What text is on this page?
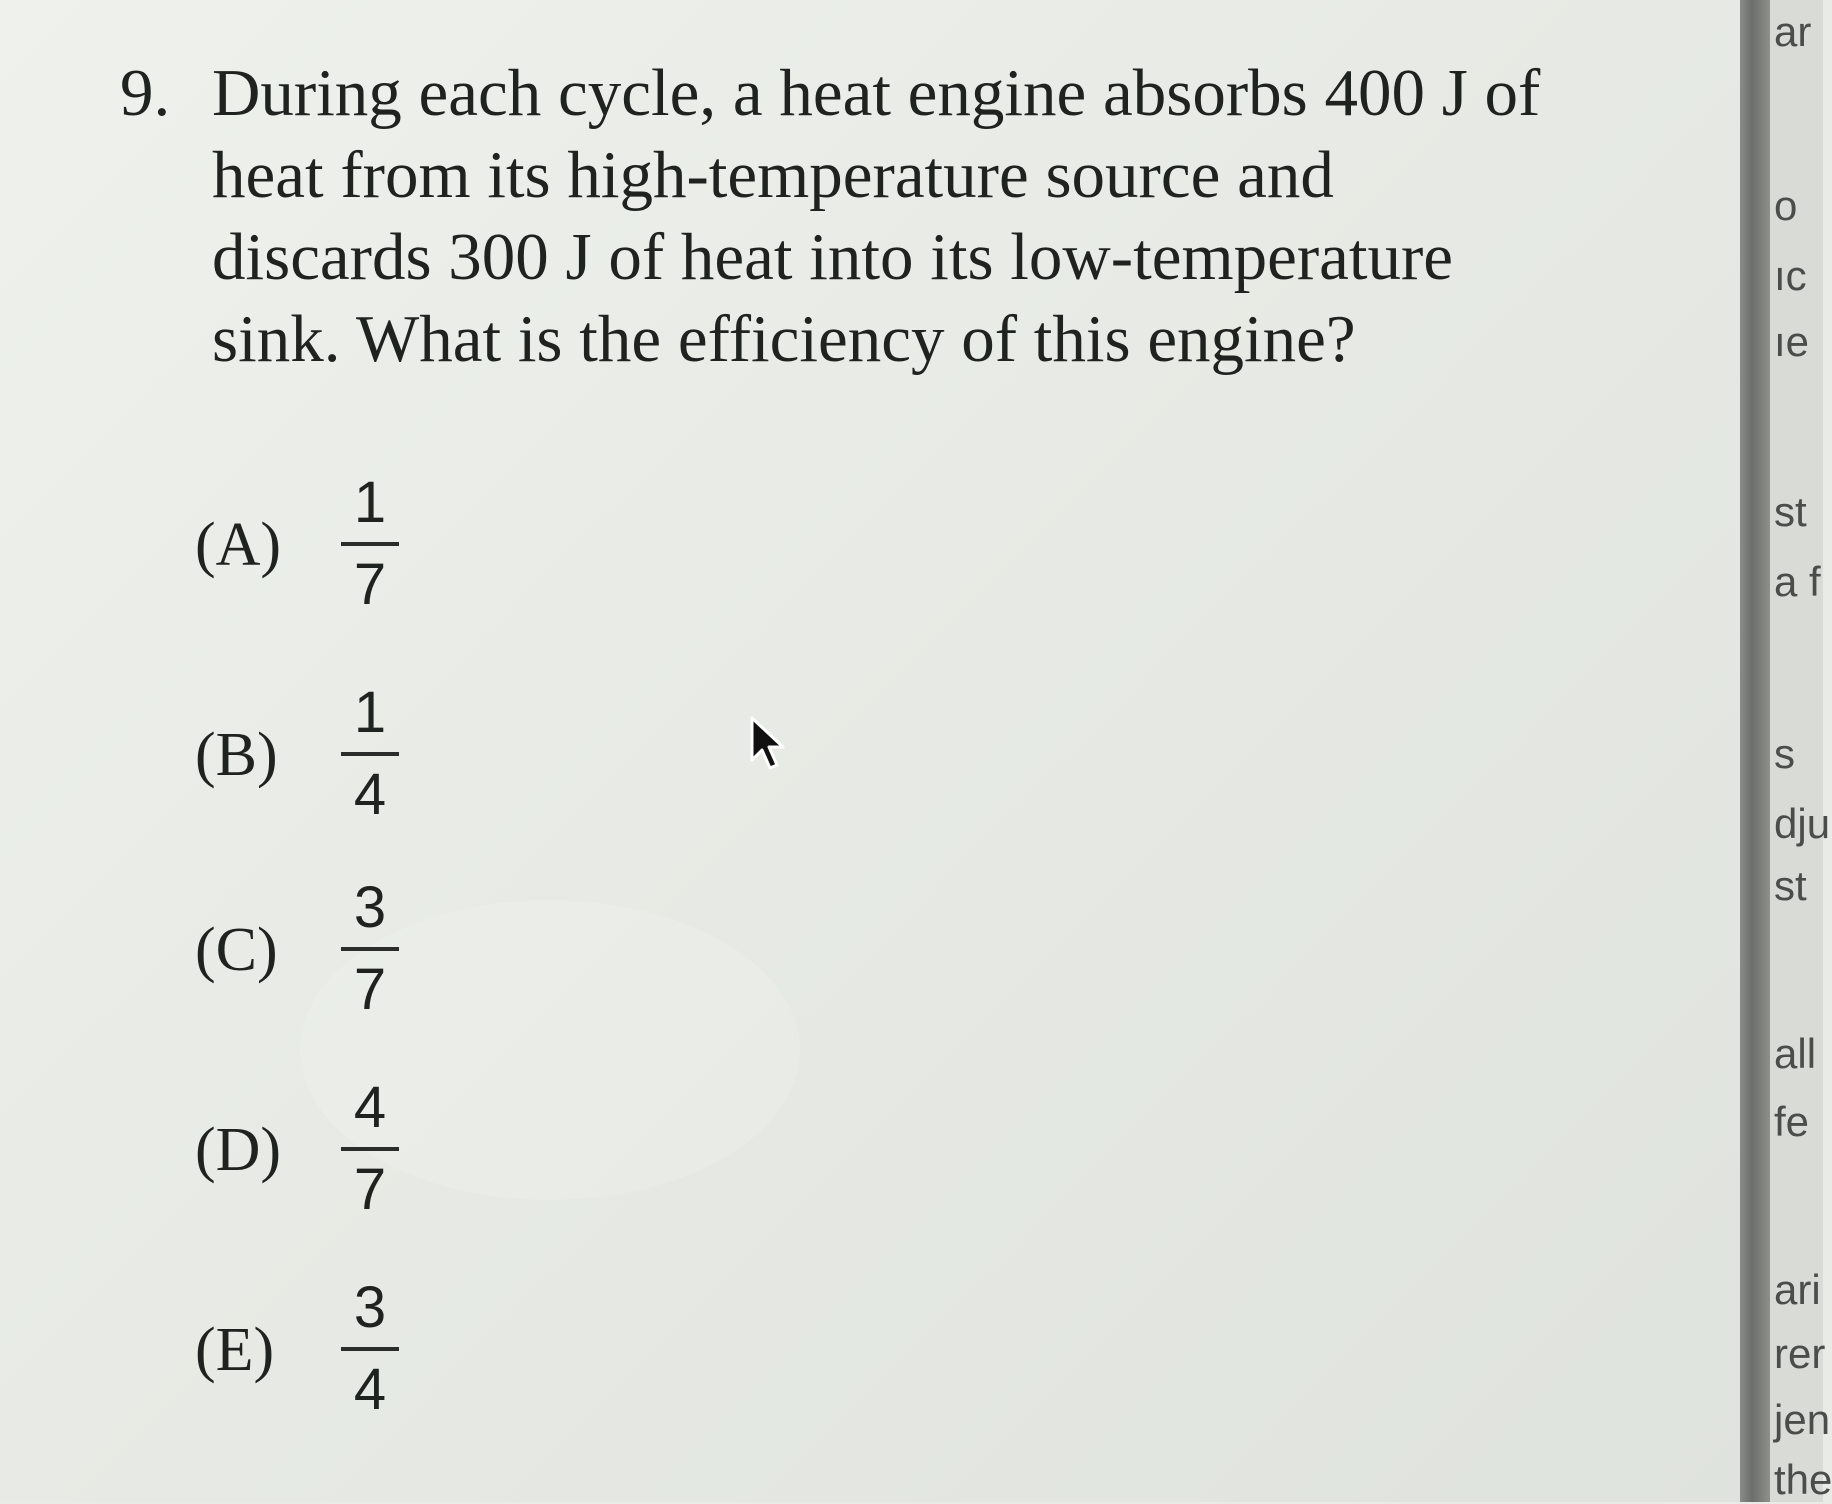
9. During each cycle, a heat engine absorbs 400 J of
heat from its high-temperature source and
discards 300 J of heat into its low-temperature
sink. What is the efficiency of this engine?
(A)
1
7
(B)
1
4
(C)
3
7
(D)
4
7
(E)
3
4
ar
o
ıc
ıe
st
a f
s
dju
st
all
fe
ari
rer
jen
the
